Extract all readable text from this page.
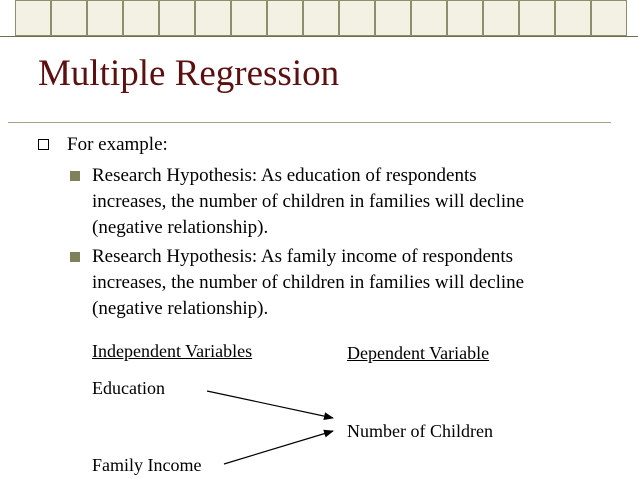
Multiple Regression
For example:
Research Hypothesis: As education of respondents
increases, the number of children in families will decline
(negative relationship).
Research Hypothesis: As family income of respondents
increases, the number of children in families will decline
(negative relationship).
Independent Variables	Dependent Variable
Education
Number of Children
Family Income
